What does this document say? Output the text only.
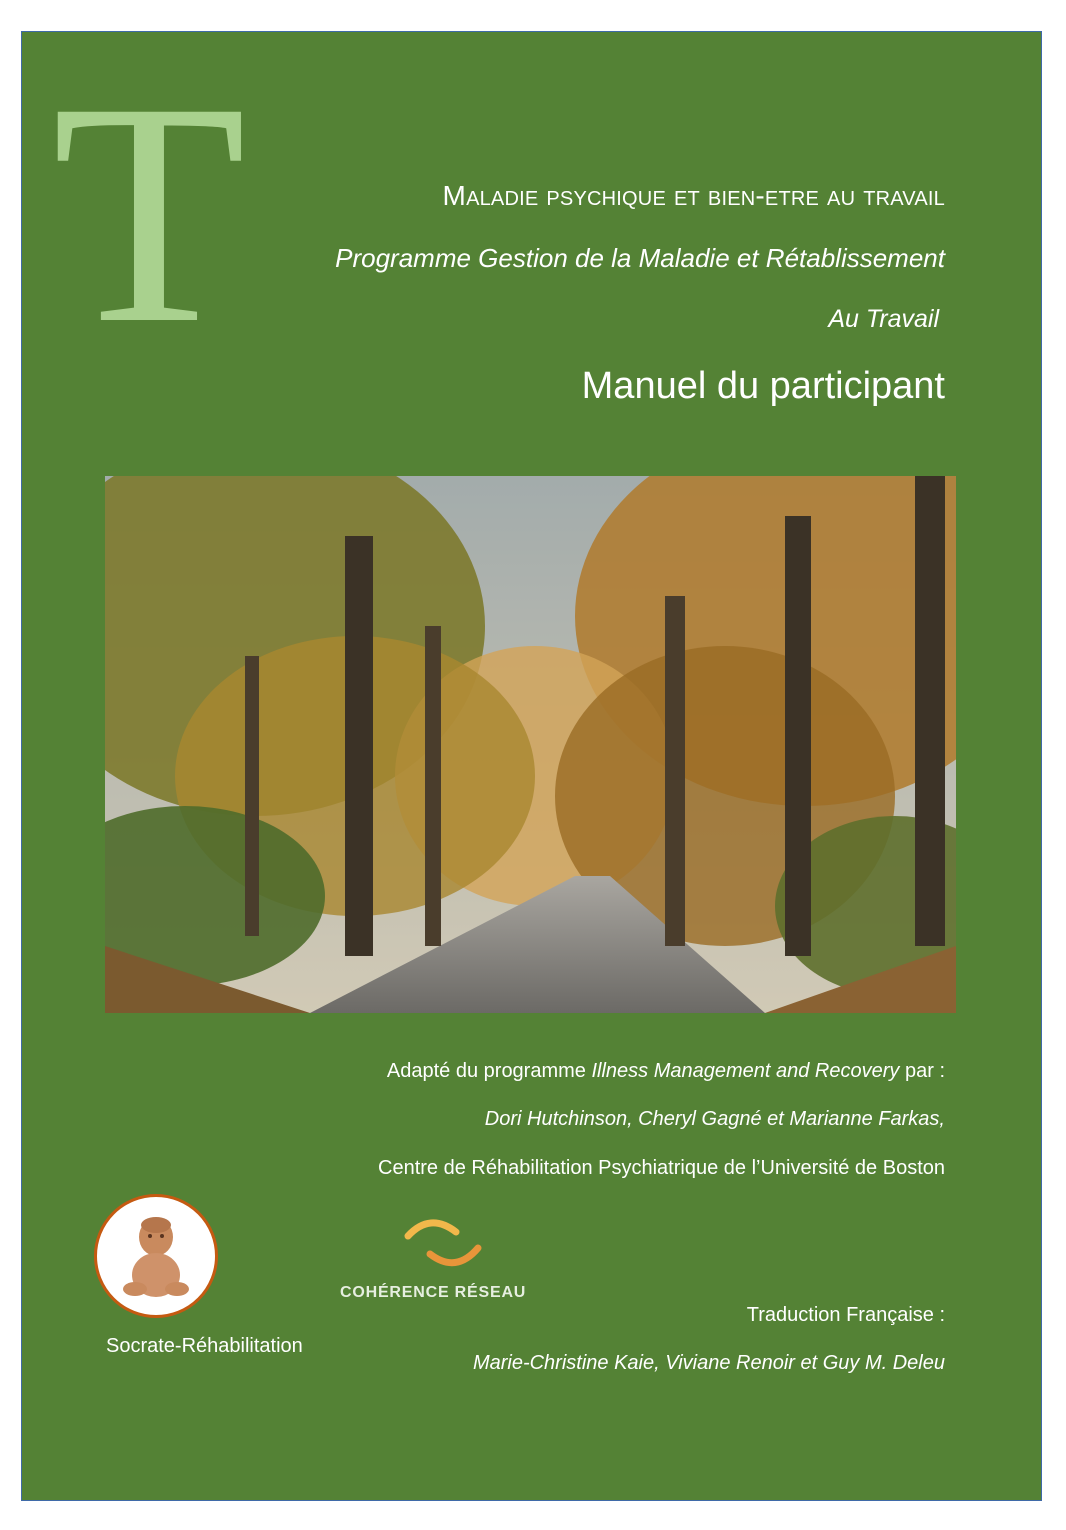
T	Maladie psychique et bien-etre au travail
Programme Gestion de la Maladie et Rétablissement
Au Travail
Manuel du participant
Adapté du programme Illness Management and Recovery par :
Dori Hutchinson, Cheryl Gagné et Marianne Farkas,
Centre de Réhabilitation Psychiatrique de l’Université de Boston
Socrate-Réhabilitation
COHÉRENCE RÉSEAU
Traduction Française :
Marie-Christine Kaie, Viviane Renoir et Guy M. Deleu
